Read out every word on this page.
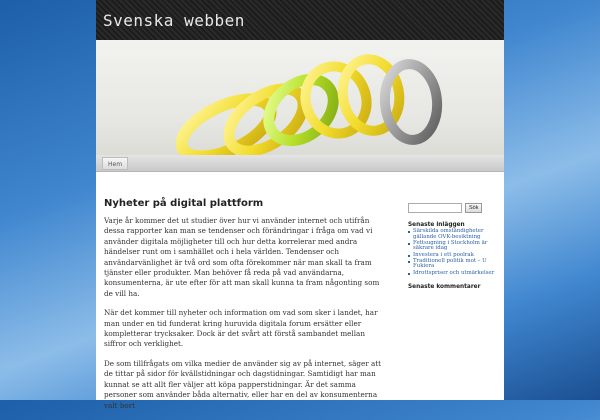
Svenska webben
Hem
Nyheter på digital plattform

Varje år kommer det ut studier över hur vi använder internet och utifrån dessa rapporter kan man se tendenser och förändringar i fråga om vad vi använder digitala möjligheter till och hur detta korrelerar med andra händelser runt om i samhället och i hela världen. Tendenser och användarvänlighet är två ord som ofta förekommer när man skall ta fram tjänster eller produkter. Man behöver få reda på vad användarna, konsumenterna, är ute efter för att man skall kunna ta fram någonting som de vill ha.

När det kommer till nyheter och information om vad som sker i landet, har man under en tid funderat kring huruvida digitala forum ersätter eller kompletterar trycksaker. Dock är det svårt att förstå sambandet mellan siffror och verklighet.

De som tillfrågats om vilka medier de använder sig av på internet, säger att de tittar på sidor för kvällstidningar och dagstidningar. Samtidigt har man kunnat se att allt fler väljer att köpa papperstidningar. Är det samma personer som använder båda alternativ, eller har en del av konsumenterna valt bort

Sök
Senaste inläggen
Särskilda omständigheter gällande OVK-besiktning
Fettsugning i Stockholm är säkrare idag
Investera i ett poolrak
Traditionell politik mot – U Fukiera
Idrottspriser och utmärkelser
Senaste kommentarer
